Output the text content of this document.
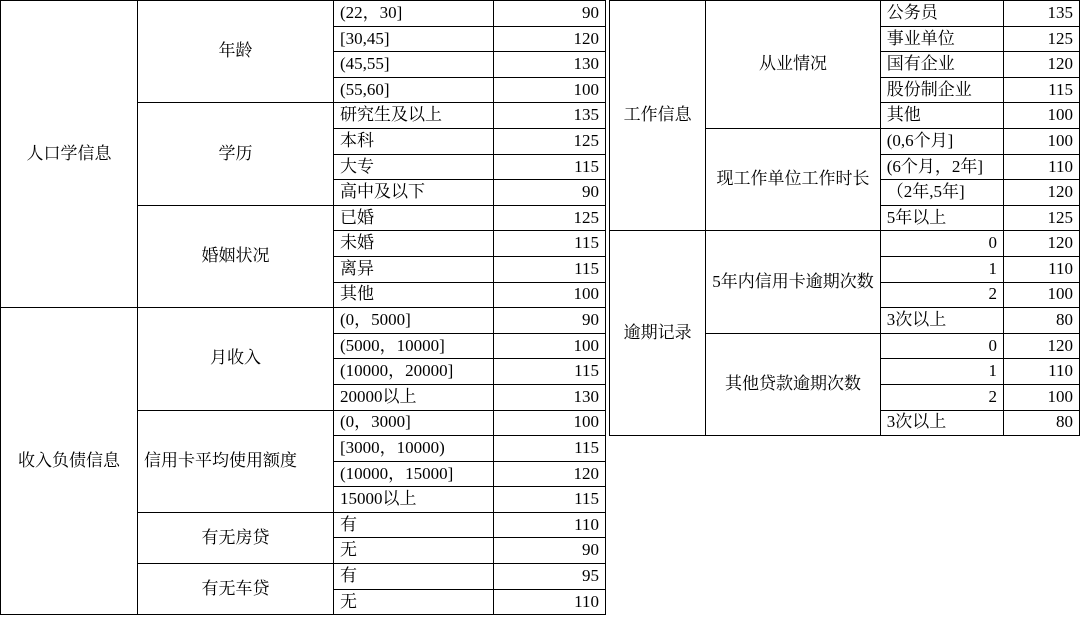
人口学信息	年龄	(22，30]	90
		[30,45]	120
		(45,55]	130
		(55,60]	100
	学历	研究生及以上	135
		本科	125
		大专	115
		高中及以下	90
	婚姻状况	已婚	125
		未婚	115
		离异	115
		其他	100
收入负债信息	月收入	(0，5000]	90
		(5000，10000]	100
		(10000，20000]	115
		20000以上	130
	信用卡平均使用额度	(0，3000]	100
		[3000，10000)	115
		(10000，15000]	120
		15000以上	115
	有无房贷	有	110
		无	90
	有无车贷	有	95
		无	110
工作信息	从业情况	公务员	135
		事业单位	125
		国有企业	120
		股份制企业	115
		其他	100
	现工作单位工作时长	(0,6个月]	100
		(6个月，2年]	110
		（2年,5年]	120
		5年以上	125
逾期记录	5年内信用卡逾期次数	0	120
		1	110
		2	100
		3次以上	80
	其他贷款逾期次数	0	120
		1	110
		2	100
		3次以上	80
